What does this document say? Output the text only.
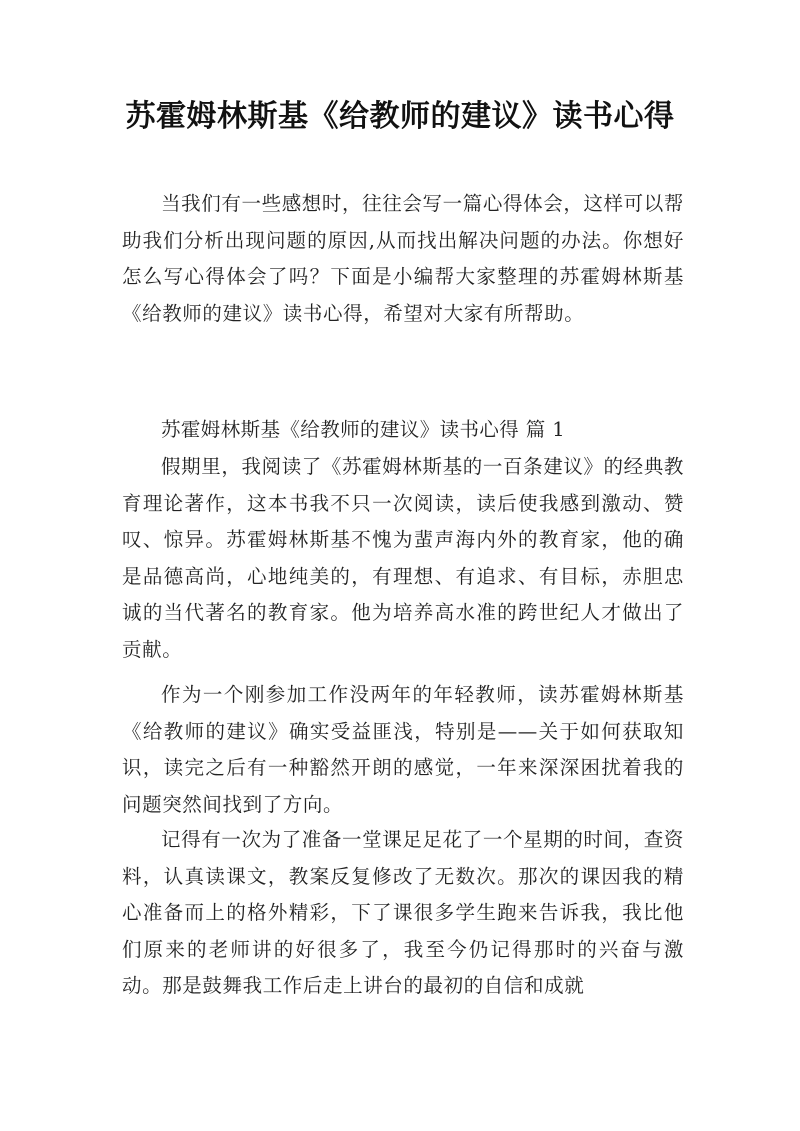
苏霍姆林斯基《给教师的建议》读书心得

当我们有一些感想时，往往会写一篇心得体会，这样可以帮助我们分析出现问题的原因,从而找出解决问题的办法。你想好怎么写心得体会了吗？下面是小编帮大家整理的苏霍姆林斯基《给教师的建议》读书心得，希望对大家有所帮助。

苏霍姆林斯基《给教师的建议》读书心得 篇 1

假期里，我阅读了《苏霍姆林斯基的一百条建议》的经典教育理论著作，这本书我不只一次阅读，读后使我感到激动、赞叹、惊异。苏霍姆林斯基不愧为蜚声海内外的教育家，他的确是品德高尚，心地纯美的，有理想、有追求、有目标，赤胆忠诚的当代著名的教育家。他为培养高水准的跨世纪人才做出了贡献。

作为一个刚参加工作没两年的年轻教师，读苏霍姆林斯基《给教师的建议》确实受益匪浅，特别是——关于如何获取知识，读完之后有一种豁然开朗的感觉，一年来深深困扰着我的问题突然间找到了方向。

记得有一次为了准备一堂课足足花了一个星期的时间，查资料，认真读课文，教案反复修改了无数次。那次的课因我的精心准备而上的格外精彩，下了课很多学生跑来告诉我，我比他们原来的老师讲的好很多了，我至今仍记得那时的兴奋与激动。那是鼓舞我工作后走上讲台的最初的自信和成就
